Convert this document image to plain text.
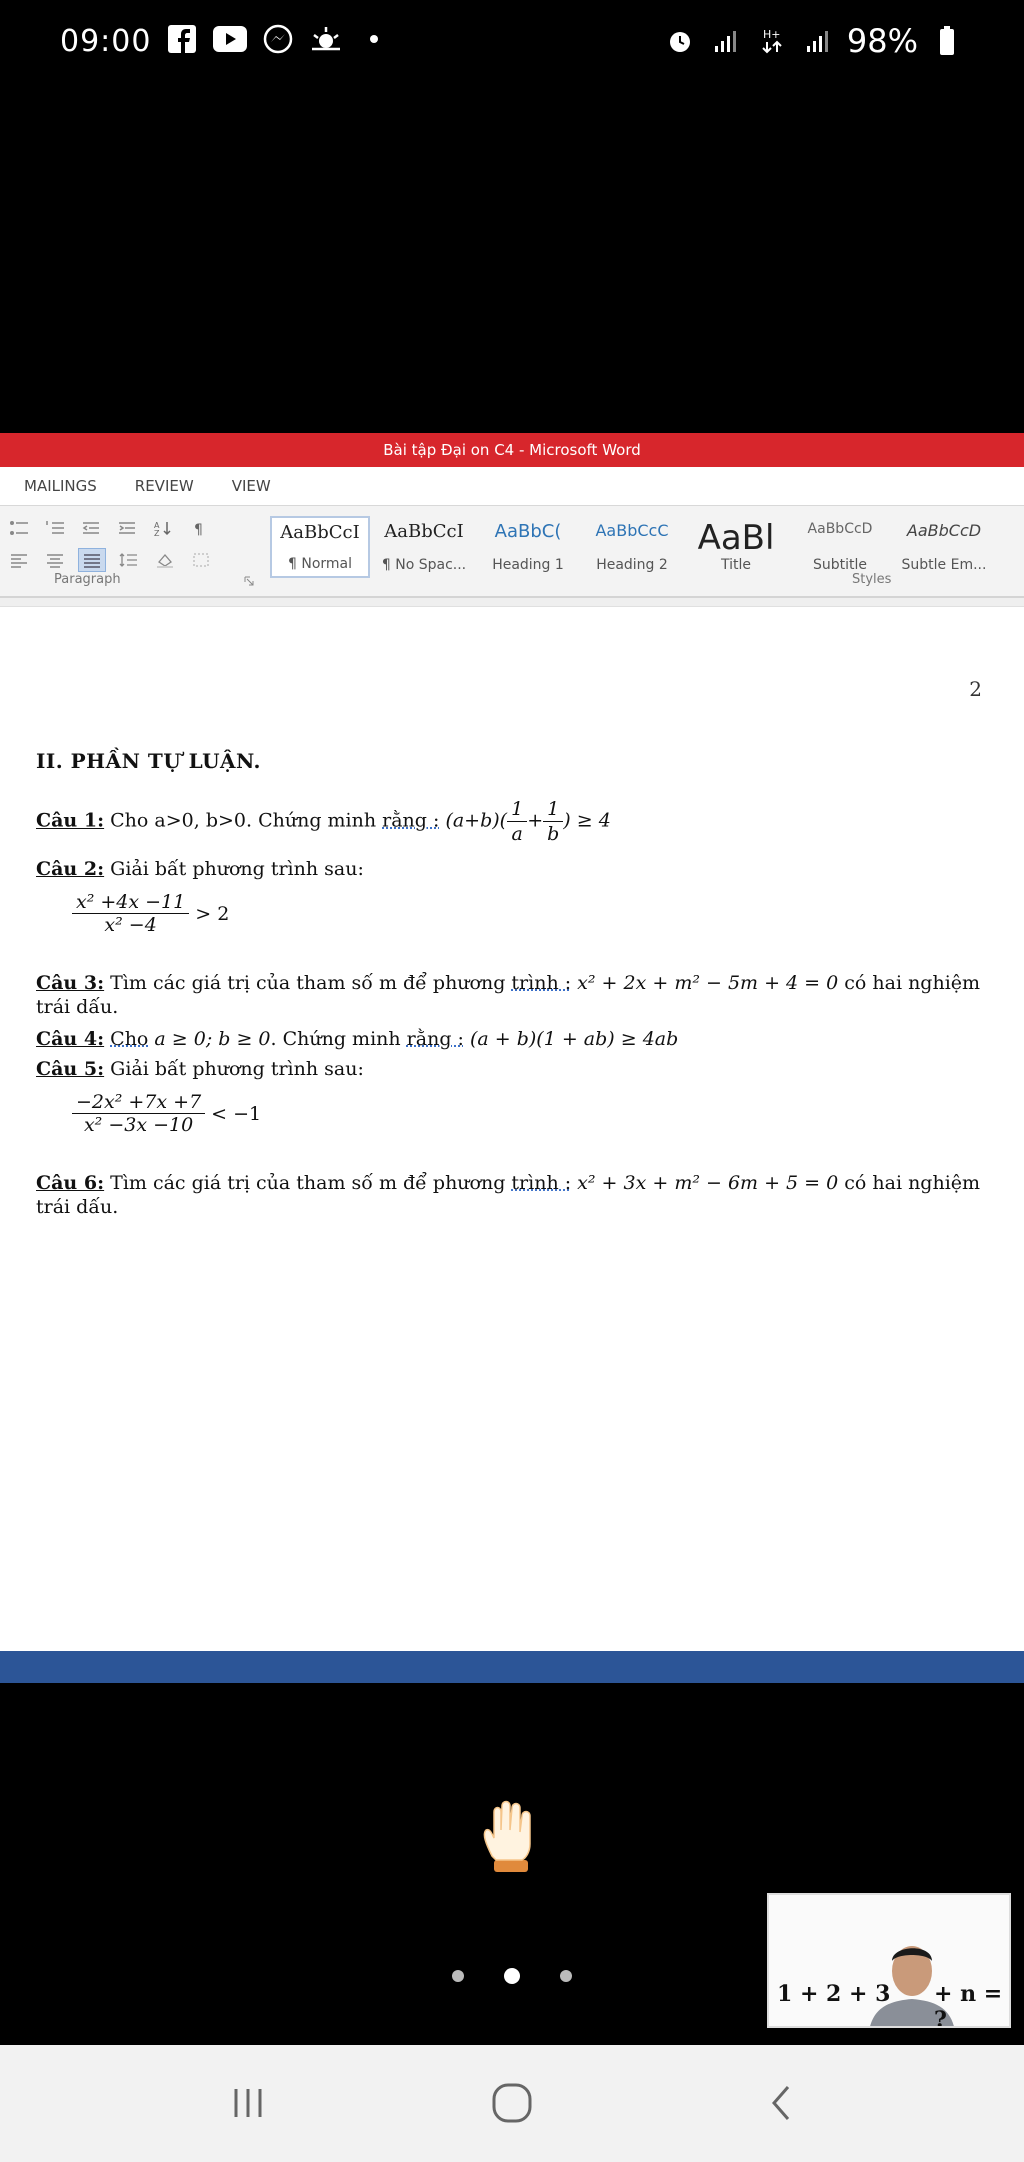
09:00	H+ 98%
Bài tập Đại on C4 - Microsoft Word
MAILINGS	REVIEW	VIEW
A
Z ¶
Paragraph
AaBbCcI
¶ Normal
AaBbCcI
¶ No Spac...
AaBbC(
Heading 1
AaBbCcC
Heading 2
AaBl
Title
AaBbCcD
Subtitle
AaBbCcD
Subtle Em...
Styles
2
II. PHẦN TỰ LUẬN.
Câu 1: Cho a>0, b>0. Chứng minh rằng : $(a+b)( \frac{1}{a} + \frac{1}{b}$ ) ≥ 4
Câu 2: Giải bất phương trình sau:
$\frac{\text{x² +4x −11}}{\text{x² −4}} > 2$
Câu 3: Tìm các giá trị của tham số m để phương trình : x² + 2x + m² − 5m + 4 = 0 có hai nghiệm
trái dấu.
Câu 4: Cho a ≥ 0; b ≥ 0. Chứng minh rằng : (a + b)(1 + ab) ≥ 4ab
Câu 5: Giải bất phương trình sau:
$\frac{\text{−2x² +7x +7}}{\text{x² −3x −10}} < -1$
Câu 6: Tìm các giá trị của tham số m để phương trình : x² + 3x + m² − 6m + 5 = 0 có hai nghiệm
trái dấu.
1 + 2 + 3 + n = ?
